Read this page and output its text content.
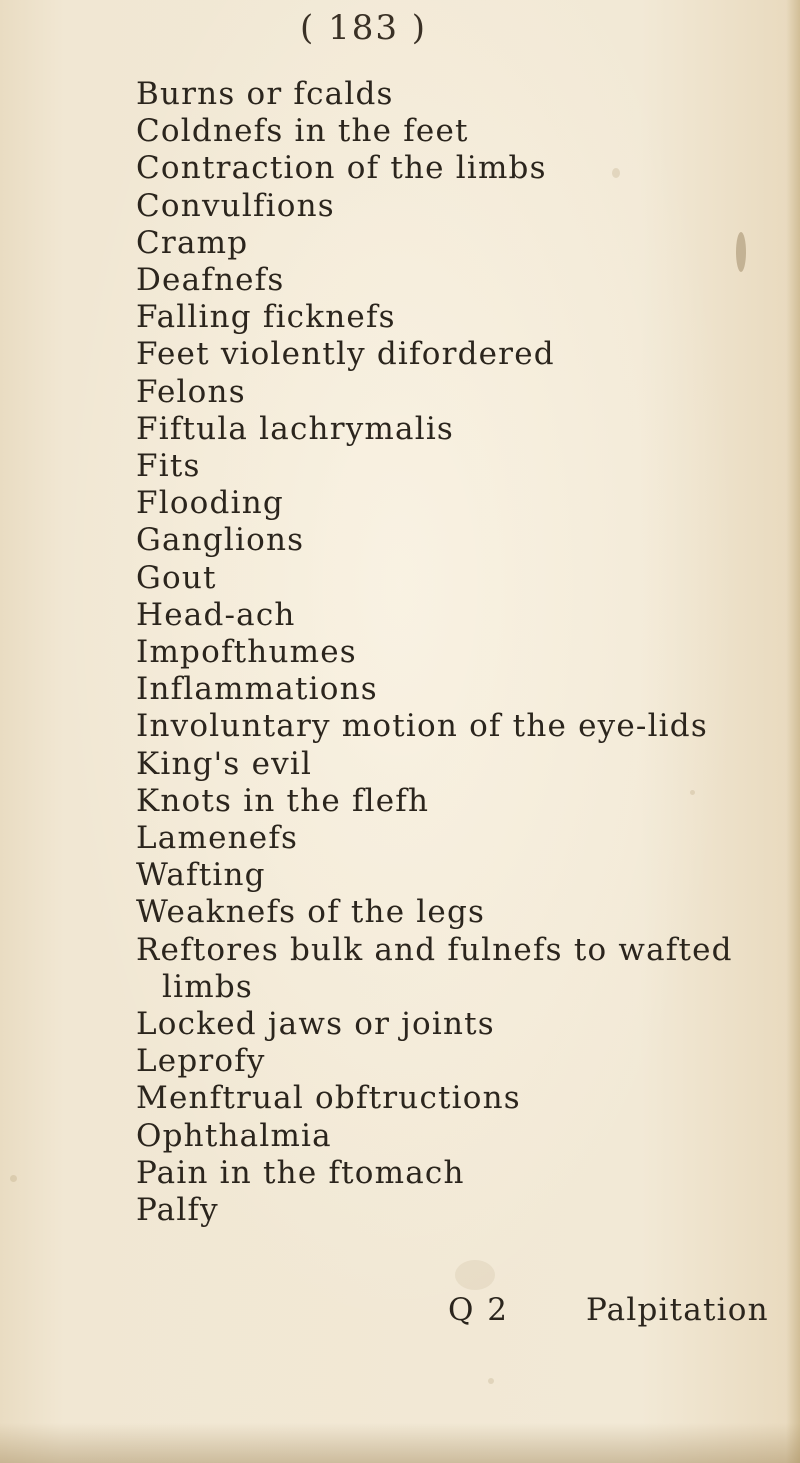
( 183 )
Burns or fcalds
Coldnefs in the feet
Contraction of the limbs
Convulfions
Cramp
Deafnefs
Falling ficknefs
Feet violently difordered
Felons
Fiftula lachrymalis
Fits
Flooding
Ganglions
Gout
Head-ach
Impofthumes
Inflammations
Involuntary motion of the eye-lids
King's evil
Knots in the flefh
Lamenefs
Wafting
Weaknefs of the legs
Reftores bulk and fulnefs to wafted
limbs
Locked jaws or joints
Leprofy
Menftrual obftructions
Ophthalmia
Pain in the ftomach
Palfy
Q 2 Palpitation
